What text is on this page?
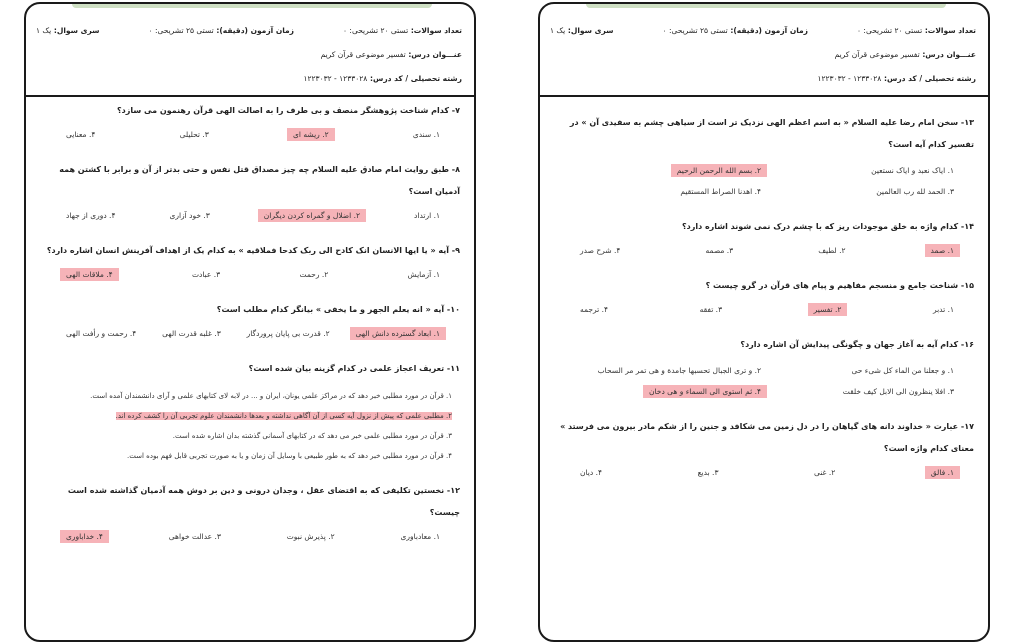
تعداد سوالات: تستی ۲۰ تشریحی: ۰
زمان آزمون (دقیقه): تستی ۲۵ تشریحی: ۰
سری سوال: یک ۱
عنـــوان درس: تفسیر موضوعی قرآن کریم
رشته تحصیلی / کد درس: ۱۲۳۳۰۲۸ - ۱۲۲۳۰۳۲
۷- کدام شناخت پژوهشگر منصف و بی طرف را به اصالت الهی قرآن رهنمون می سازد؟
۱. سندی
۲. ریشه ای
۳. تحلیلی
۴. معنایی
۸- طبق روایت امام صادق علیه السلام چه چیز مصداق قتل نفس و حتی بدتر از آن و برابر با کشتن همه آدمیان است؟
۱. ارتداد
۲. اضلال و گمراه کردن دیگران
۳. خود آزاری
۴. دوری از جهاد
۹- آیه « یا ایها الانسان انک کادح الی ربک کدحا فملاقیه » به کدام یک از اهداف آفرینش انسان اشاره دارد؟
۱. آزمایش
۲. رحمت
۳. عبادت
۴. ملاقات الهی
۱۰- آیه « انه یعلم الجهر و ما یخفی » بیانگر کدام مطلب است؟
۱. ابعاد گسترده دانش الهی
۲. قدرت بی پایان پروردگار
۳. غلبه قدرت الهی
۴. رحمت و رأفت الهی
۱۱- تعریف اعجاز علمی در کدام گزینه بیان شده است؟
۱. قرآن در مورد مطلبی خبر دهد که در مراکز علمی یونان، ایران و ... در لابه لای کتابهای علمی و آرای دانشمندان آمده است.
۲. مطلبی علمی که پیش از نزول آیه کسی از آن آگاهی نداشته و بعدها دانشمندان علوم تجربی آن را کشف کرده اند.
۳. قرآن در مورد مطلبی علمی خبر می دهد که در کتابهای آسمانی گذشته بدان اشاره شده است.
۴. قرآن در مورد مطلبی خبر دهد که به طور طبیعی با وسایل آن زمان و یا به صورت تجربی قابل فهم بوده است.
۱۲- نخستین تکلیفی که به اقتضای عقل ، وجدان درونی و دین بر دوش همه آدمیان گذاشته شده است چیست؟
۱. معادباوری
۲. پذیرش نبوت
۳. عدالت خواهی
۴. خداباوری
تعداد سوالات: تستی ۲۰ تشریحی: ۰
زمان آزمون (دقیقه): تستی ۲۵ تشریحی: ۰
سری سوال: یک ۱
عنـــوان درس: تفسیر موضوعی قرآن کریم
رشته تحصیلی / کد درس: ۱۲۳۳۰۲۸ - ۱۲۲۳۰۳۲
۱۳- سخن امام رضا علیه السلام « به اسم اعظم الهی نزدیک تر است از سیاهی چشم به سفیدی آن » در تفسیر کدام آیه است؟
۱. ایاک نعبد و ایاک نستعین
۲. بسم الله الرحمن الرحیم
۳. الحمد لله رب العالمین
۴. اهدنا الصراط المستقیم
۱۴- کدام واژه به خلق موجودات ریز که با چشم درک نمی شوند اشاره دارد؟
۱. صمد
۲. لطیف
۳. مصمه
۴. شرح صدر
۱۵- شناخت جامع و منسجم مفاهیم و پیام های قرآن در گرو چیست ؟
۱. تدبر
۲. تفسیر
۳. تفقه
۴. ترجمه
۱۶- کدام آیه به آغاز جهان و چگونگی پیدایش آن اشاره دارد؟
۱. و جعلنا من الماء کل شیء حی
۲. و تری الجبال تحسبها جامدة و هی تمر مر السحاب
۳. افلا ینظرون الی الابل کیف خلقت
۴. ثم استوی الی السماء و هی دخان
۱۷- عبارت « خداوند دانه های گیاهان را در دل زمین می شکافد و جنین را از شکم مادر بیرون می فرستد » معنای کدام واژه است؟
۱. فالق
۲. غنی
۳. بدیع
۴. دیان
